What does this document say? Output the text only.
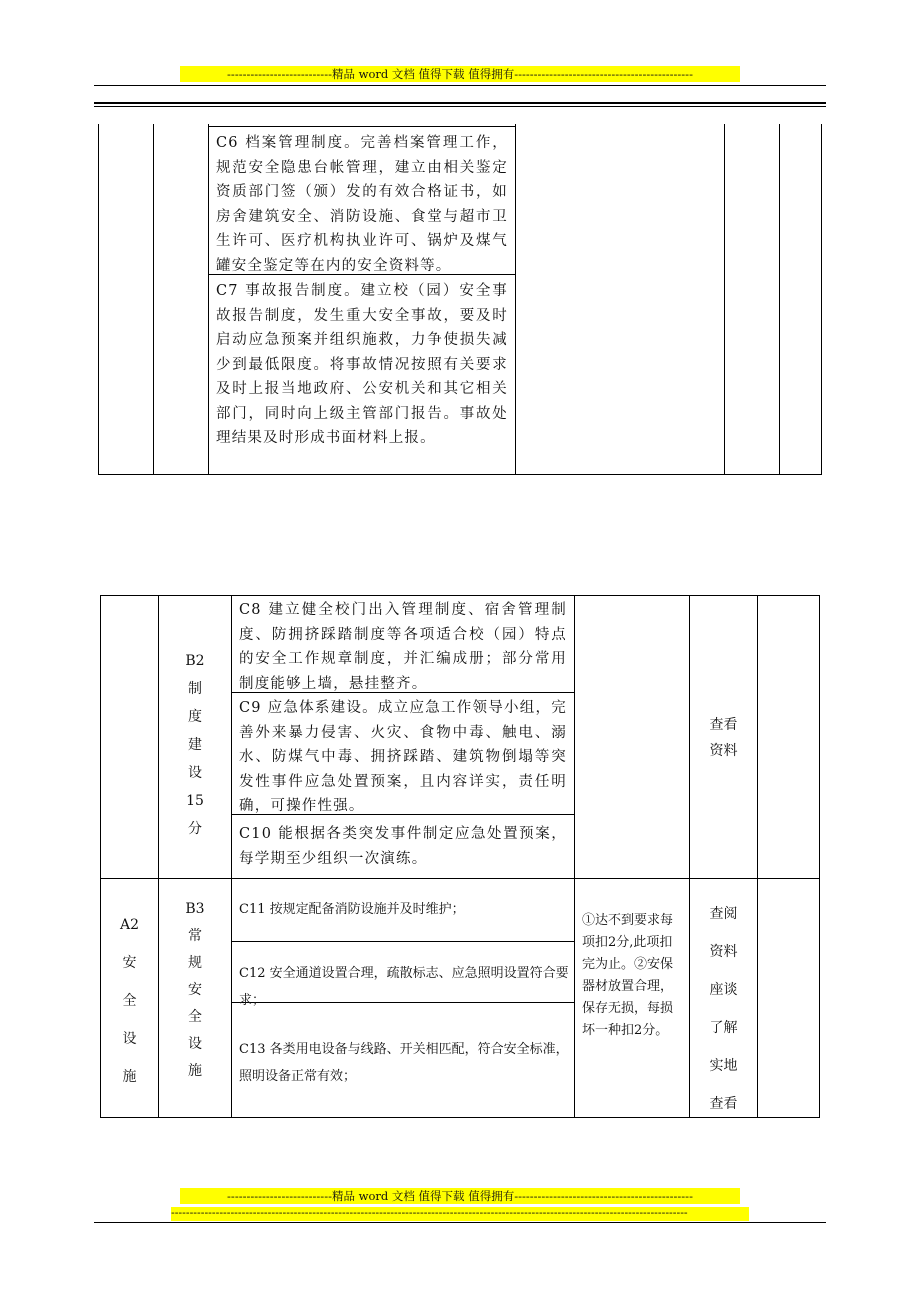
---------------------------精品 word 文档 值得下载 值得拥有----------------------------------------------
C6 档案管理制度。完善档案管理工作，规范安全隐患台帐管理，建立由相关鉴定资质部门签（颁）发的有效合格证书，如房舍建筑安全、消防设施、食堂与超市卫生许可、医疗机构执业许可、锅炉及煤气罐安全鉴定等在内的安全资料等。
C7 事故报告制度。建立校（园）安全事故报告制度，发生重大安全事故，要及时启动应急预案并组织施救，力争使损失减少到最低限度。将事故情况按照有关要求及时上报当地政府、公安机关和其它相关部门，同时向上级主管部门报告。事故处理结果及时形成书面材料上报。
B2
制
度
建
设
15
分
C8 建立健全校门出入管理制度、宿舍管理制度、防拥挤踩踏制度等各项适合校（园）特点的安全工作规章制度，并汇编成册；部分常用制度能够上墙，悬挂整齐。
C9 应急体系建设。成立应急工作领导小组，完善外来暴力侵害、火灾、食物中毒、触电、溺水、防煤气中毒、拥挤踩踏、建筑物倒塌等突发性事件应急处置预案，且内容详实，责任明确，可操作性强。
C10 能根据各类突发事件制定应急处置预案，每学期至少组织一次演练。
查看
资料
A2
安
全
设
施
B3
常
规
安
全
设
施
C11 按规定配备消防设施并及时维护；
C12 安全通道设置合理，疏散标志、应急照明设置符合要求；
C13 各类用电设备与线路、开关相匹配，符合安全标准，照明设备正常有效；
①达不到要求每项扣2分,此项扣完为止。②安保器材放置合理，保存无损，每损坏一种扣2分。
查阅
资料
座谈
了解
实地
查看
---------------------------精品 word 文档 值得下载 值得拥有----------------------------------------------
-------------------------------------------------------------------------------------------------------------------------------------------
